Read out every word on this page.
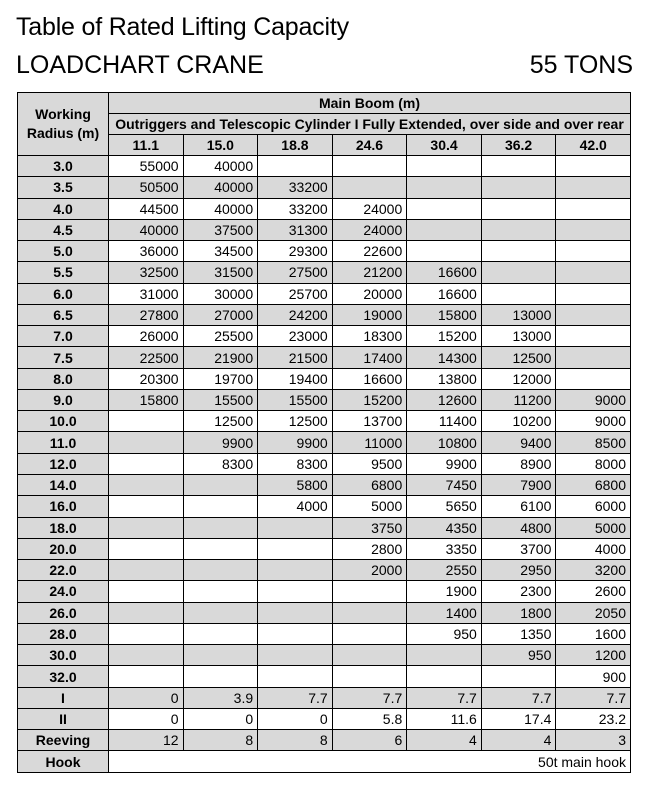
Table of Rated Lifting Capacity
LOADCHART CRANE	55 TONS
Working Radius (m)	Main Boom (m)						
	Outriggers and Telescopic Cylinder I Fully Extended, over side and over rear						
	11.1	15.0	18.8	24.6	30.4	36.2	42.0
3.0	55000	40000					
3.5	50500	40000	33200				
4.0	44500	40000	33200	24000			
4.5	40000	37500	31300	24000			
5.0	36000	34500	29300	22600			
5.5	32500	31500	27500	21200	16600		
6.0	31000	30000	25700	20000	16600		
6.5	27800	27000	24200	19000	15800	13000	
7.0	26000	25500	23000	18300	15200	13000	
7.5	22500	21900	21500	17400	14300	12500	
8.0	20300	19700	19400	16600	13800	12000	
9.0	15800	15500	15500	15200	12600	11200	9000
10.0		12500	12500	13700	11400	10200	9000
11.0		9900	9900	11000	10800	9400	8500
12.0		8300	8300	9500	9900	8900	8000
14.0			5800	6800	7450	7900	6800
16.0			4000	5000	5650	6100	6000
18.0				3750	4350	4800	5000
20.0				2800	3350	3700	4000
22.0				2000	2550	2950	3200
24.0					1900	2300	2600
26.0					1400	1800	2050
28.0					950	1350	1600
30.0						950	1200
32.0							900
I	0	3.9	7.7	7.7	7.7	7.7	7.7
II	0	0	0	5.8	11.6	17.4	23.2
Reeving	12	8	8	6	4	4	3
Hook	50t main hook						
